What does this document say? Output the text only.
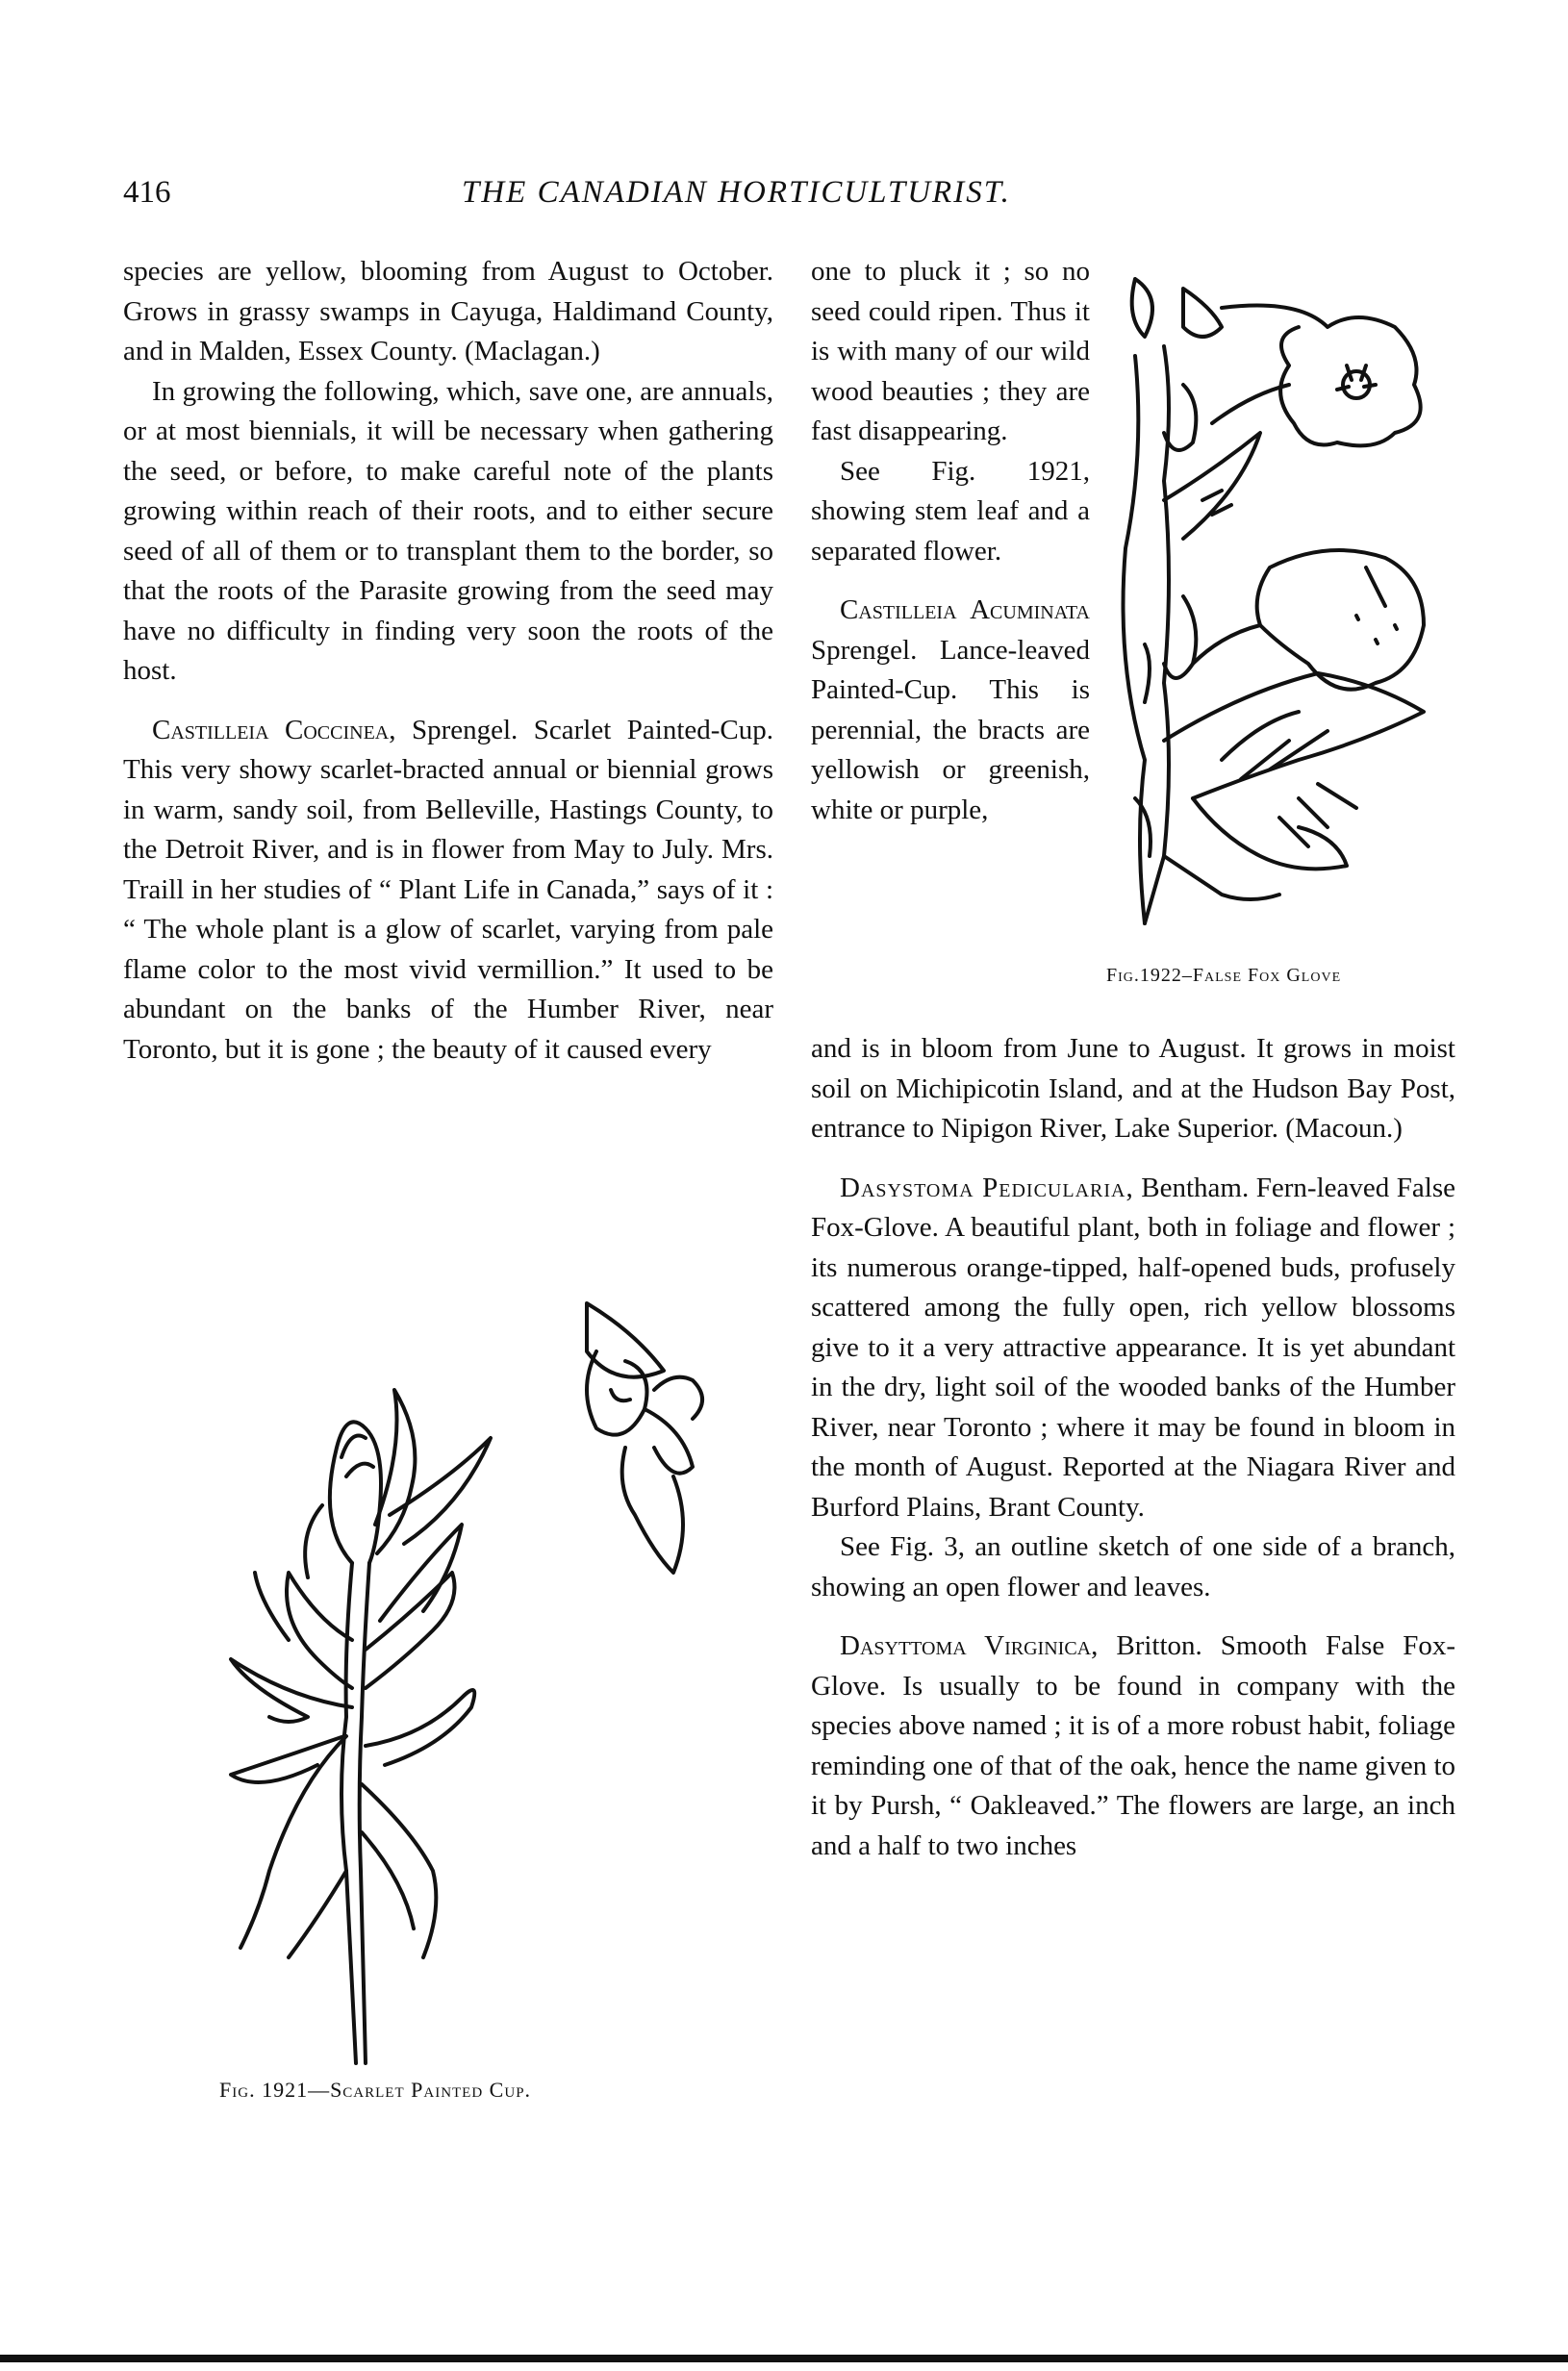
416	THE CANADIAN HORTICULTURIST.

species are yellow, blooming from August to October. Grows in grassy swamps in Cayuga, Haldimand County, and in Malden, Essex County. (Maclagan.)

In growing the following, which, save one, are annuals, or at most biennials, it will be necessary when gathering the seed, or before, to make careful note of the plants growing within reach of their roots, and to either secure seed of all of them or to transplant them to the border, so that the roots of the Parasite growing from the seed may have no difficulty in finding very soon the roots of the host.

Castilleia Coccinea, Sprengel. Scarlet Painted-Cup. This very showy scarlet-bracted annual or biennial grows in warm, sandy soil, from Belleville, Hastings County, to the Detroit River, and is in flower from May to July. Mrs. Traill in her studies of “ Plant Life in Canada,” says of it : “ The whole plant is a glow of scarlet, varying from pale flame color to the most vivid vermillion.” It used to be abundant on the banks of the Humber River, near Toronto, but it is gone ; the beauty of it caused every

Fig. 1921—Scarlet Painted Cup.

one to pluck it ; so no seed could ripen. Thus it is with many of our wild wood beauties ; they are fast disappearing.

See Fig. 1921, showing stem leaf and a separated flower.

Castilleia Acuminata Sprengel. Lance-leaved Painted-Cup. This is perennial, the bracts are yellowish or greenish, white or purple,

Fig.1922–False Fox Glove

and is in bloom from June to August. It grows in moist soil on Michipicotin Island, and at the Hudson Bay Post, entrance to Nipigon River, Lake Superior. (Macoun.)

Dasystoma Pedicularia, Bentham. Fern-leaved False Fox-Glove. A beautiful plant, both in foliage and flower ; its numerous orange-tipped, half-opened buds, profusely scattered among the fully open, rich yellow blossoms give to it a very attractive appearance. It is yet abundant in the dry, light soil of the wooded banks of the Humber River, near Toronto ; where it may be found in bloom in the month of August. Reported at the Niagara River and Burford Plains, Brant County.

See Fig. 3, an outline sketch of one side of a branch, showing an open flower and leaves.

Dasyttoma Virginica, Britton. Smooth False Fox-Glove. Is usually to be found in company with the species above named ; it is of a more robust habit, foliage reminding one of that of the oak, hence the name given to it by Pursh, “ Oakleaved.” The flowers are large, an inch and a half to two inches
